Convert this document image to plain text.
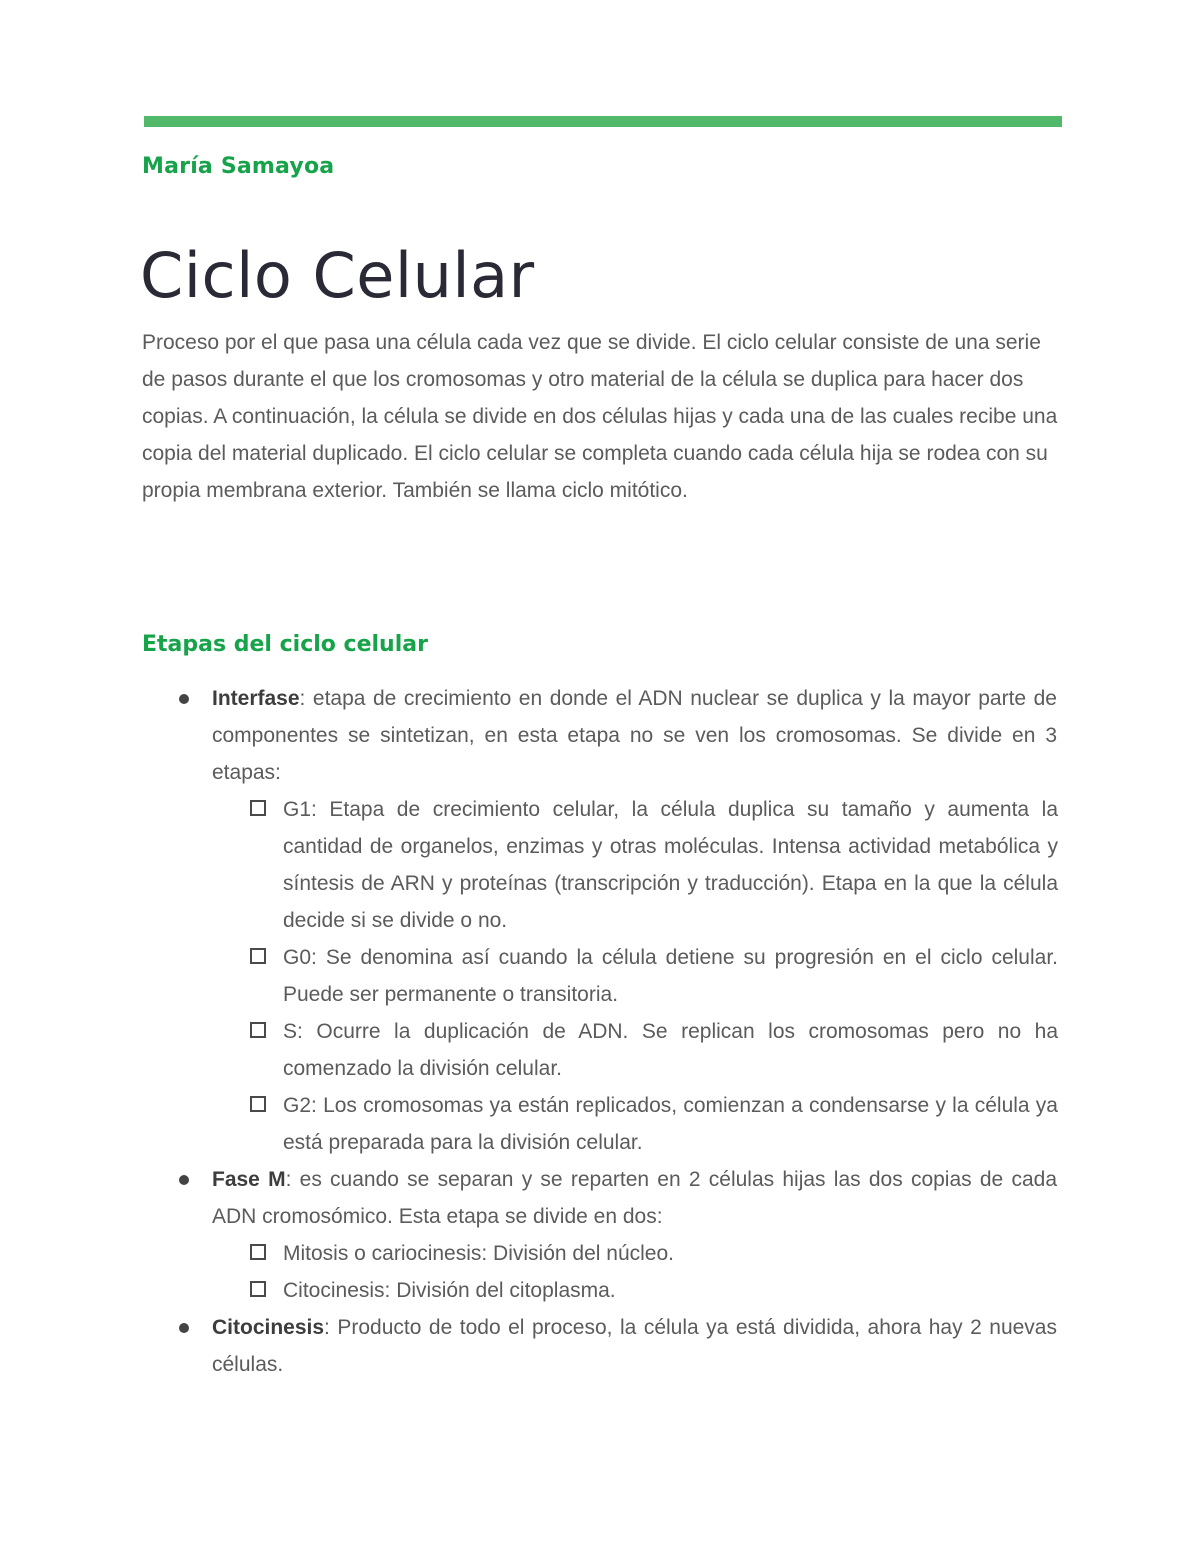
María Samayoa
Ciclo Celular

Proceso por el que pasa una célula cada vez que se divide. El ciclo celular consiste de una serie de pasos durante el que los cromosomas y otro material de la célula se duplica para hacer dos copias. A continuación, la célula se divide en dos células hijas y cada una de las cuales recibe una copia del material duplicado. El ciclo celular se completa cuando cada célula hija se rodea con su propia membrana exterior. También se llama ciclo mitótico.

Etapas del ciclo celular
Interfase: etapa de crecimiento en donde el ADN nuclear se duplica y la mayor parte de componentes se sintetizan, en esta etapa no se ven los cromosomas. Se divide en 3 etapas:
G1: Etapa de crecimiento celular, la célula duplica su tamaño y aumenta la cantidad de organelos, enzimas y otras moléculas. Intensa actividad metabólica y síntesis de ARN y proteínas (transcripción y traducción). Etapa en la que la célula decide si se divide o no.
G0: Se denomina así cuando la célula detiene su progresión en el ciclo celular. Puede ser permanente o transitoria.
S: Ocurre la duplicación de ADN. Se replican los cromosomas pero no ha comenzado la división celular.
G2: Los cromosomas ya están replicados, comienzan a condensarse y la célula ya está preparada para la división celular.
Fase M: es cuando se separan y se reparten en 2 células hijas las dos copias de cada ADN cromosómico. Esta etapa se divide en dos:
Mitosis o cariocinesis: División del núcleo.
Citocinesis: División del citoplasma.
Citocinesis: Producto de todo el proceso, la célula ya está dividida, ahora hay 2 nuevas células.
